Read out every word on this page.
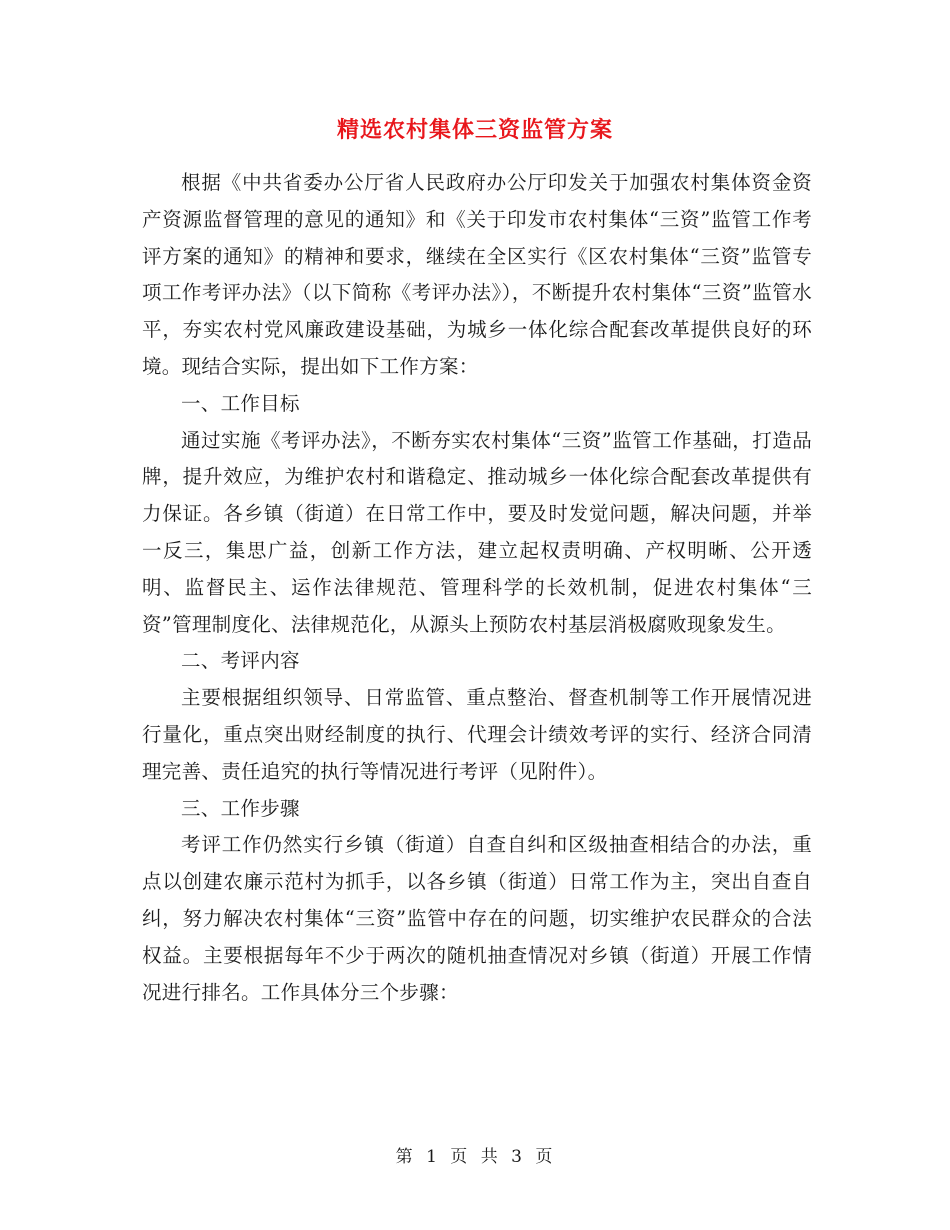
精选农村集体三资监管方案

根据《中共省委办公厅省人民政府办公厅印发关于加强农村集体资金资产资源监督管理的意见的通知》和《关于印发市农村集体“三资”监管工作考评方案的通知》的精神和要求，继续在全区实行《区农村集体“三资”监管专项工作考评办法》（以下简称《考评办法》），不断提升农村集体“三资”监管水平，夯实农村党风廉政建设基础，为城乡一体化综合配套改革提供良好的环境。现结合实际，提出如下工作方案：

一、工作目标

通过实施《考评办法》，不断夯实农村集体“三资”监管工作基础，打造品牌，提升效应，为维护农村和谐稳定、推动城乡一体化综合配套改革提供有力保证。各乡镇（街道）在日常工作中，要及时发觉问题，解决问题，并举一反三，集思广益，创新工作方法，建立起权责明确、产权明晰、公开透明、监督民主、运作法律规范、管理科学的长效机制，促进农村集体“三资”管理制度化、法律规范化，从源头上预防农村基层消极腐败现象发生。

二、考评内容

主要根据组织领导、日常监管、重点整治、督查机制等工作开展情况进行量化，重点突出财经制度的执行、代理会计绩效考评的实行、经济合同清理完善、责任追究的执行等情况进行考评（见附件）。

三、工作步骤

考评工作仍然实行乡镇（街道）自查自纠和区级抽查相结合的办法，重点以创建农廉示范村为抓手，以各乡镇（街道）日常工作为主，突出自查自纠，努力解决农村集体“三资”监管中存在的问题，切实维护农民群众的合法权益。主要根据每年不少于两次的随机抽查情况对乡镇（街道）开展工作情况进行排名。工作具体分三个步骤：

第 1 页 共 3 页
